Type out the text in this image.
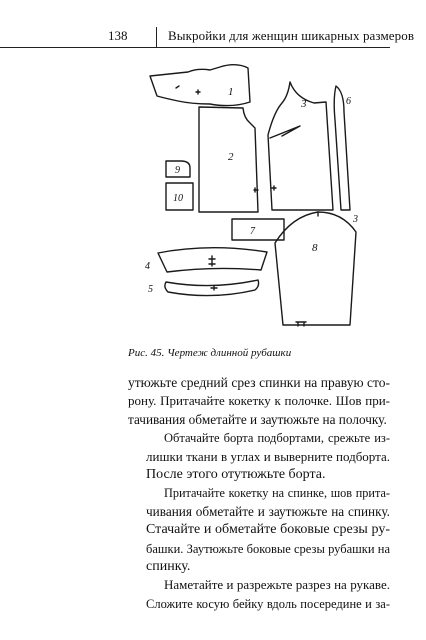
138	Выкройки для женщин шикарных размеров
1
2
9
10
3	6
3
7
8
4
5
Рис. 45. Чертеж длинной рубашки

утюжьте средний срез спинки на правую сто-
рону. Притачайте кокетку к полочке. Шов при-
тачивания обметайте и заутюжьте на полочку.

Обтачайте борта подбортами, срежьте из-
лишки ткани в углах и выверните подборта.
После этого отутюжьте борта.

Притачайте кокетку на спинке, шов прита-
чивания обметайте и заутюжьте на спинку.
Стачайте и обметайте боковые срезы ру-
башки. Заутюжьте боковые срезы рубашки на
спинку.

Наметайте и разрежьте разрез на рукаве.
Сложите косую бейку вдоль посередине и за-
